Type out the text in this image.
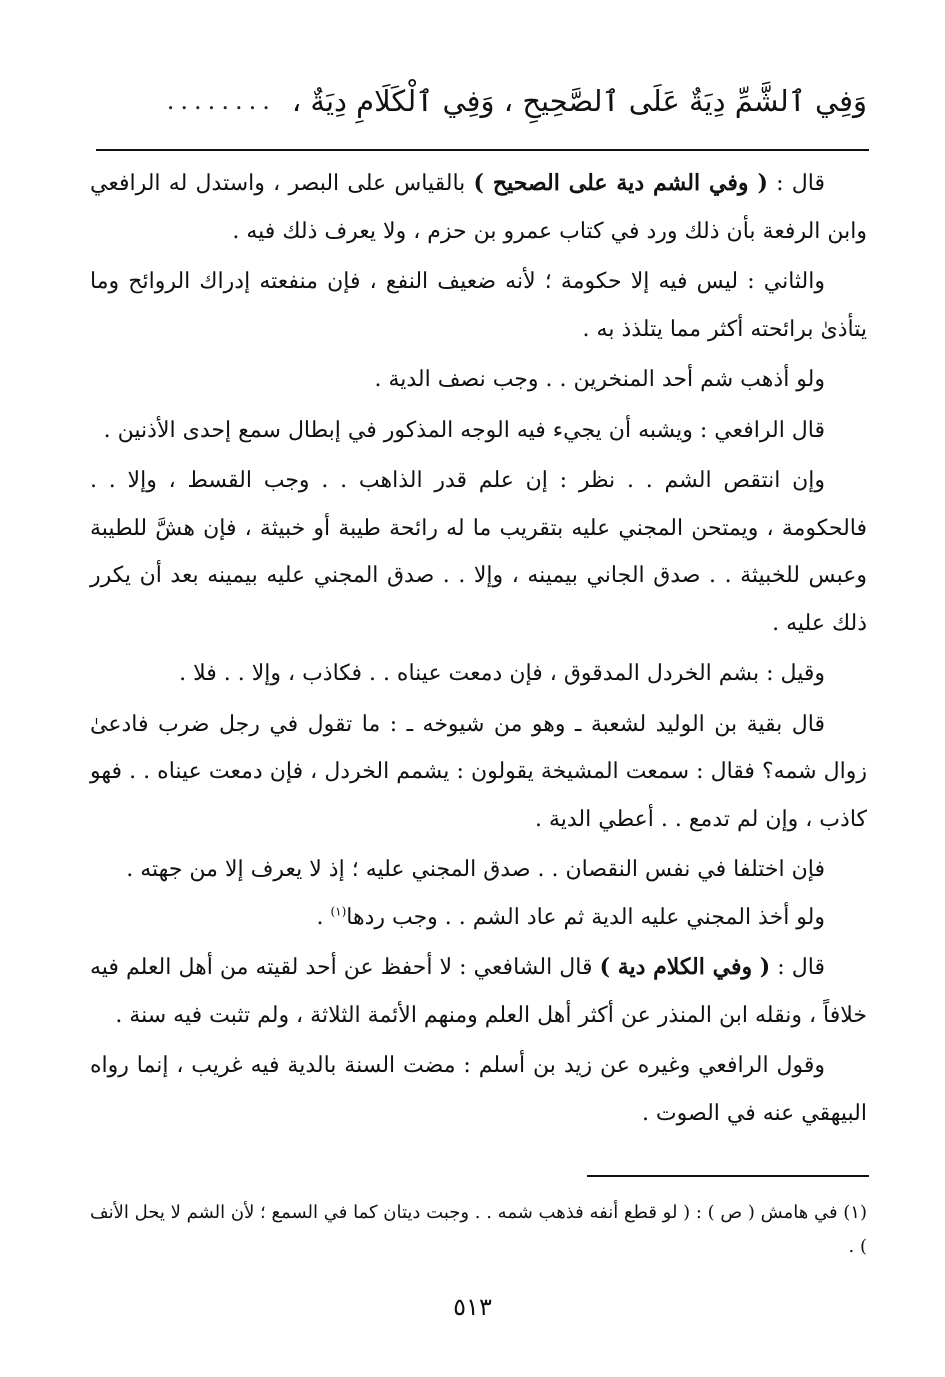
وَفِي ٱلشَّمِّ دِيَةٌ عَلَى ٱلصَّحِيحِ ، وَفِي ٱلْكَلَامِ دِيَةٌ ،
........

قال : ( وفي الشم دية على الصحيح ) بالقياس على البصر ، واستدل له الرافعي وابن الرفعة بأن ذلك ورد في كتاب عمرو بن حزم ، ولا يعرف ذلك فيه .

والثاني : ليس فيه إلا حكومة ؛ لأنه ضعيف النفع ، فإن منفعته إدراك الروائح وما يتأذىٰ برائحته أكثر مما يتلذذ به .

ولو أذهب شم أحد المنخرين . . وجب نصف الدية .

قال الرافعي : ويشبه أن يجيء فيه الوجه المذكور في إبطال سمع إحدى الأذنين .

وإن انتقص الشم . . نظر : إن علم قدر الذاهب . . وجب القسط ، وإلا . . فالحكومة ، ويمتحن المجني عليه بتقريب ما له رائحة طيبة أو خبيثة ، فإن هشَّ للطيبة وعبس للخبيثة . . صدق الجاني بيمينه ، وإلا . . صدق المجني عليه بيمينه بعد أن يكرر ذلك عليه .

وقيل : بشم الخردل المدقوق ، فإن دمعت عيناه . . فكاذب ، وإلا . . فلا .

قال بقية بن الوليد لشعبة ـ وهو من شيوخه ـ : ما تقول في رجل ضرب فادعىٰ زوال شمه؟ فقال : سمعت المشيخة يقولون : يشمم الخردل ، فإن دمعت عيناه . . فهو كاذب ، وإن لم تدمع . . أعطي الدية .

فإن اختلفا في نفس النقصان . . صدق المجني عليه ؛ إذ لا يعرف إلا من جهته .

ولو أخذ المجني عليه الدية ثم عاد الشم . . وجب ردها$^{(١)}$ .

قال : ( وفي الكلام دية ) قال الشافعي : لا أحفظ عن أحد لقيته من أهل العلم فيه خلافاً ، ونقله ابن المنذر عن أكثر أهل العلم ومنهم الأئمة الثلاثة ، ولم تثبت فيه سنة .

وقول الرافعي وغيره عن زيد بن أسلم : مضت السنة بالدية فيه غريب ، إنما رواه البيهقي عنه في الصوت .

(١) في هامش ( ص ) : ( لو قطع أنفه فذهب شمه . . وجبت ديتان كما في السمع ؛ لأن الشم لا يحل الأنف ) .
٥١٣
